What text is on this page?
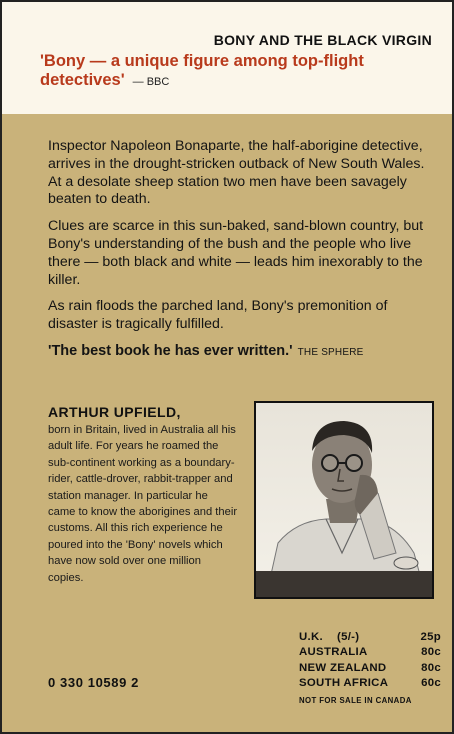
BONY AND THE BLACK VIRGIN
'Bony — a unique figure among top-flight detectives' — BBC

Inspector Napoleon Bonaparte, the half-aborigine detective, arrives in the drought-stricken outback of New South Wales. At a desolate sheep station two men have been savagely beaten to death.

Clues are scarce in this sun-baked, sand-blown country, but Bony's understanding of the bush and the people who live there — both black and white — leads him inexorably to the killer.

As rain floods the parched land, Bony's premonition of disaster is tragically fulfilled.

'The best book he has ever written.' THE SPHERE

ARTHUR UPFIELD,
born in Britain, lived in Australia all his adult life. For years he roamed the sub-continent working as a boundary-rider, cattle-drover, rabbit-trapper and station manager. In particular he came to know the aborigines and their customs. All this rich experience he poured into the 'Bony' novels which have now sold over one million copies.
U.K. (5/-)	25p
AUSTRALIA	80c
NEW ZEALAND	80c
SOUTH AFRICA	60c
NOT FOR SALE IN CANADA
0 330 10589 2
